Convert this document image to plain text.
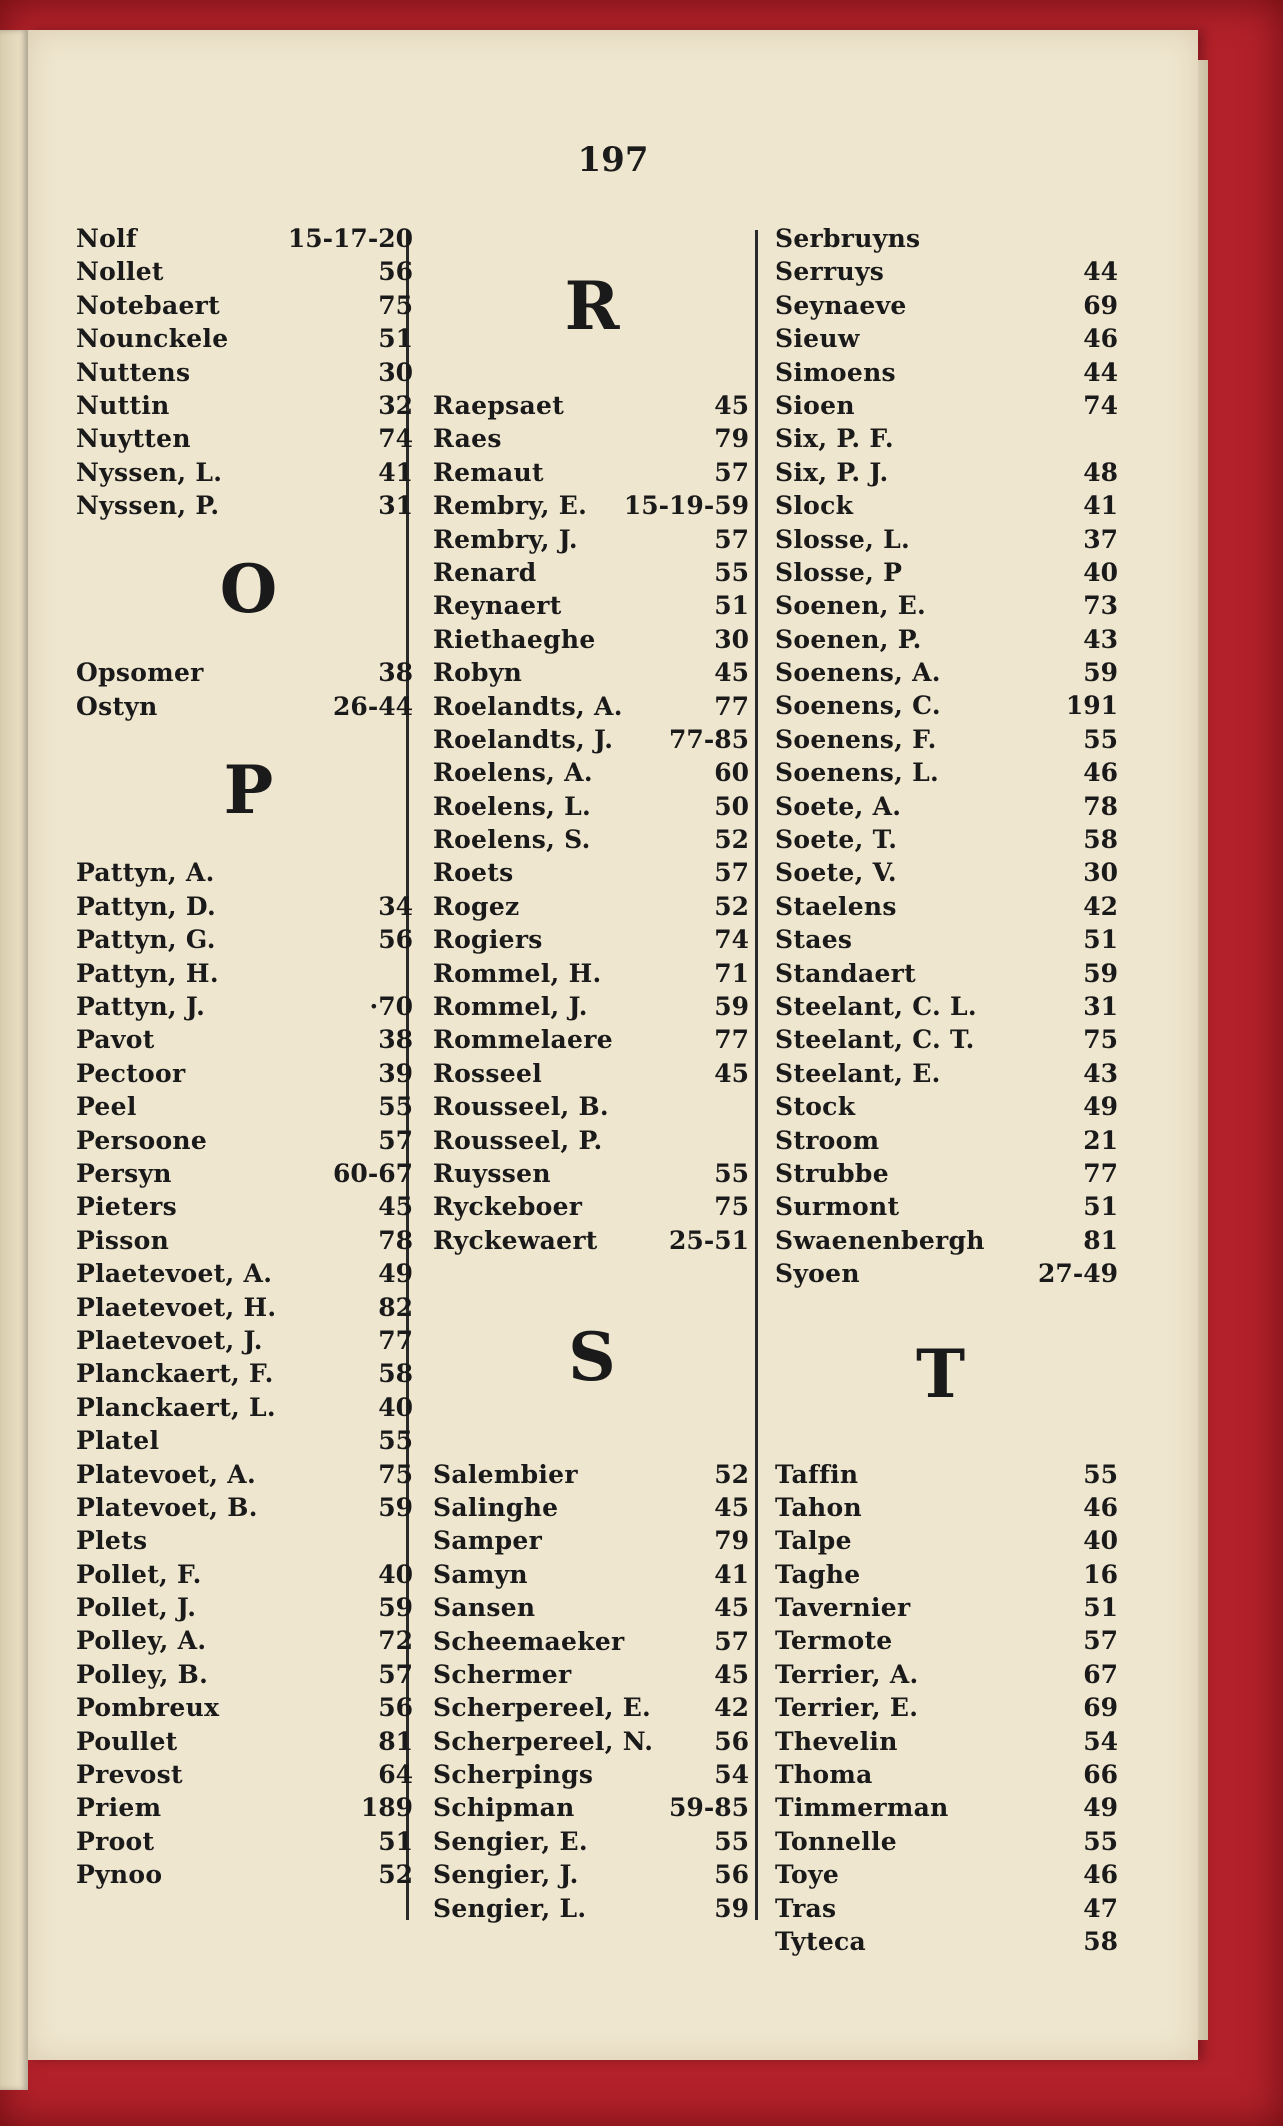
197
Nolf	15-17-20
Nollet	56
Notebaert	75
Nounckele	51
Nuttens	30
Nuttin	32
Nuytten	74
Nyssen, L.	41
Nyssen, P.	31
O
Opsomer	38
Ostyn	26-44
P
Pattyn, A.
Pattyn, D.	34
Pattyn, G.	56
Pattyn, H.
Pattyn, J.	·70
Pavot	38
Pectoor	39
Peel	55
Persoone	57
Persyn	60-67
Pieters	45
Pisson	78
Plaetevoet, A.	49
Plaetevoet, H.	82
Plaetevoet, J.	77
Planckaert, F.	58
Planckaert, L.	40
Platel	55
Platevoet, A.	75
Platevoet, B.	59
Plets
Pollet, F.	40
Pollet, J.	59
Polley, A.	72
Polley, B.	57
Pombreux	56
Poullet	81
Prevost	64
Priem	189
Proot	51
Pynoo	52
R
Raepsaet	45
Raes	79
Remaut	57
Rembry, E. 15-19-59
Rembry, J.	57
Renard	55
Reynaert	51
Riethaeghe	30
Robyn	45
Roelandts, A.	77
Roelandts, J. 77-85
Roelens, A.	60
Roelens, L.	50
Roelens, S.	52
Roets	57
Rogez	52
Rogiers	74
Rommel, H.	71
Rommel, J.	59
Rommelaere	77
Rosseel	45
Rousseel, B.
Rousseel, P.
Ruyssen	55
Ryckeboer	75
Ryckewaert	25-51
S
Salembier	52
Salinghe	45
Samper	79
Samyn	41
Sansen	45
Scheemaeker	57
Schermer	45
Scherpereel, E.	42
Scherpereel, N. 56
Scherpings	54
Schipman	59-85
Sengier, E.	55
Sengier, J.	56
Sengier, L.	59
Serbruyns
Serruys	44
Seynaeve	69
Sieuw	46
Simoens	44
Sioen	74
Six, P. F.
Six, P. J.	48
Slock	41
Slosse, L.	37
Slosse, P	40
Soenen, E.	73
Soenen, P.	43
Soenens, A.	59
Soenens, C.	191
Soenens, F.	55
Soenens, L.	46
Soete, A.	78
Soete, T.	58
Soete, V.	30
Staelens	42
Staes	51
Standaert	59
Steelant, C. L.	31
Steelant, C. T.	75
Steelant, E.	43
Stock	49
Stroom	21
Strubbe	77
Surmont	51
Swaenenbergh	81
Syoen	27-49
T
Taffin	55
Tahon	46
Talpe	40
Taghe	16
Tavernier	51
Termote	57
Terrier, A.	67
Terrier, E.	69
Thevelin	54
Thoma	66
Timmerman	49
Tonnelle	55
Toye	46
Tras	47
Tyteca	58
